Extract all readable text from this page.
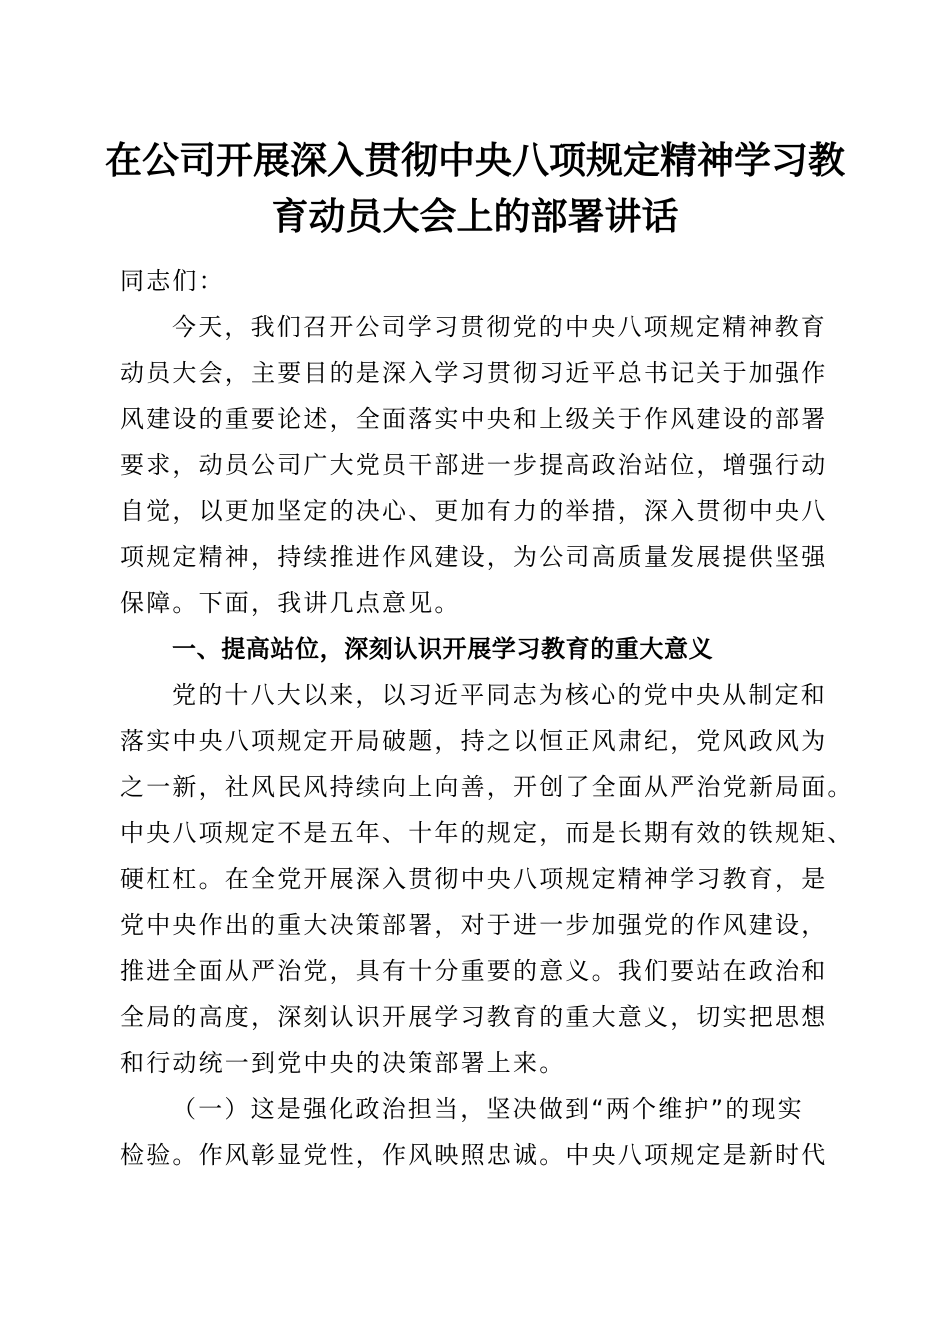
在公司开展深入贯彻中央八项规定精神学习教
育动员大会上的部署讲话
同志们：
今天，我们召开公司学习贯彻党的中央八项规定精神教育
动员大会，主要目的是深入学习贯彻习近平总书记关于加强作
风建设的重要论述，全面落实中央和上级关于作风建设的部署
要求，动员公司广大党员干部进一步提高政治站位，增强行动
自觉，以更加坚定的决心、更加有力的举措，深入贯彻中央八
项规定精神，持续推进作风建设，为公司高质量发展提供坚强
保障。下面，我讲几点意见。
一、提高站位，深刻认识开展学习教育的重大意义
党的十八大以来，以习近平同志为核心的党中央从制定和
落实中央八项规定开局破题，持之以恒正风肃纪，党风政风为
之一新，社风民风持续向上向善，开创了全面从严治党新局面。
中央八项规定不是五年、十年的规定，而是长期有效的铁规矩、
硬杠杠。在全党开展深入贯彻中央八项规定精神学习教育，是
党中央作出的重大决策部署，对于进一步加强党的作风建设，
推进全面从严治党，具有十分重要的意义。我们要站在政治和
全局的高度，深刻认识开展学习教育的重大意义，切实把思想
和行动统一到党中央的决策部署上来。
（一）这是强化政治担当，坚决做到“两个维护”的现实
检验。作风彰显党性，作风映照忠诚。中央八项规定是新时代
